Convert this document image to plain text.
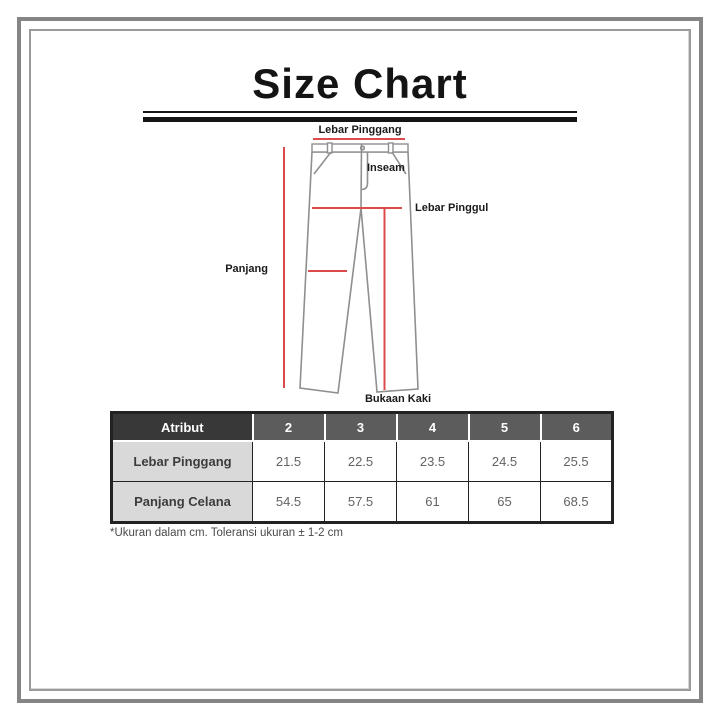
Size Chart
Lebar Pinggang
Inseam
Lebar Pinggul
Panjang
Bukaan Kaki
Atribut	2	3	4	5	6
Lebar Pinggang	21.5	22.5	23.5	24.5	25.5
Panjang Celana	54.5	57.5	61	65	68.5
*Ukuran dalam cm. Toleransi ukuran ± 1-2 cm
